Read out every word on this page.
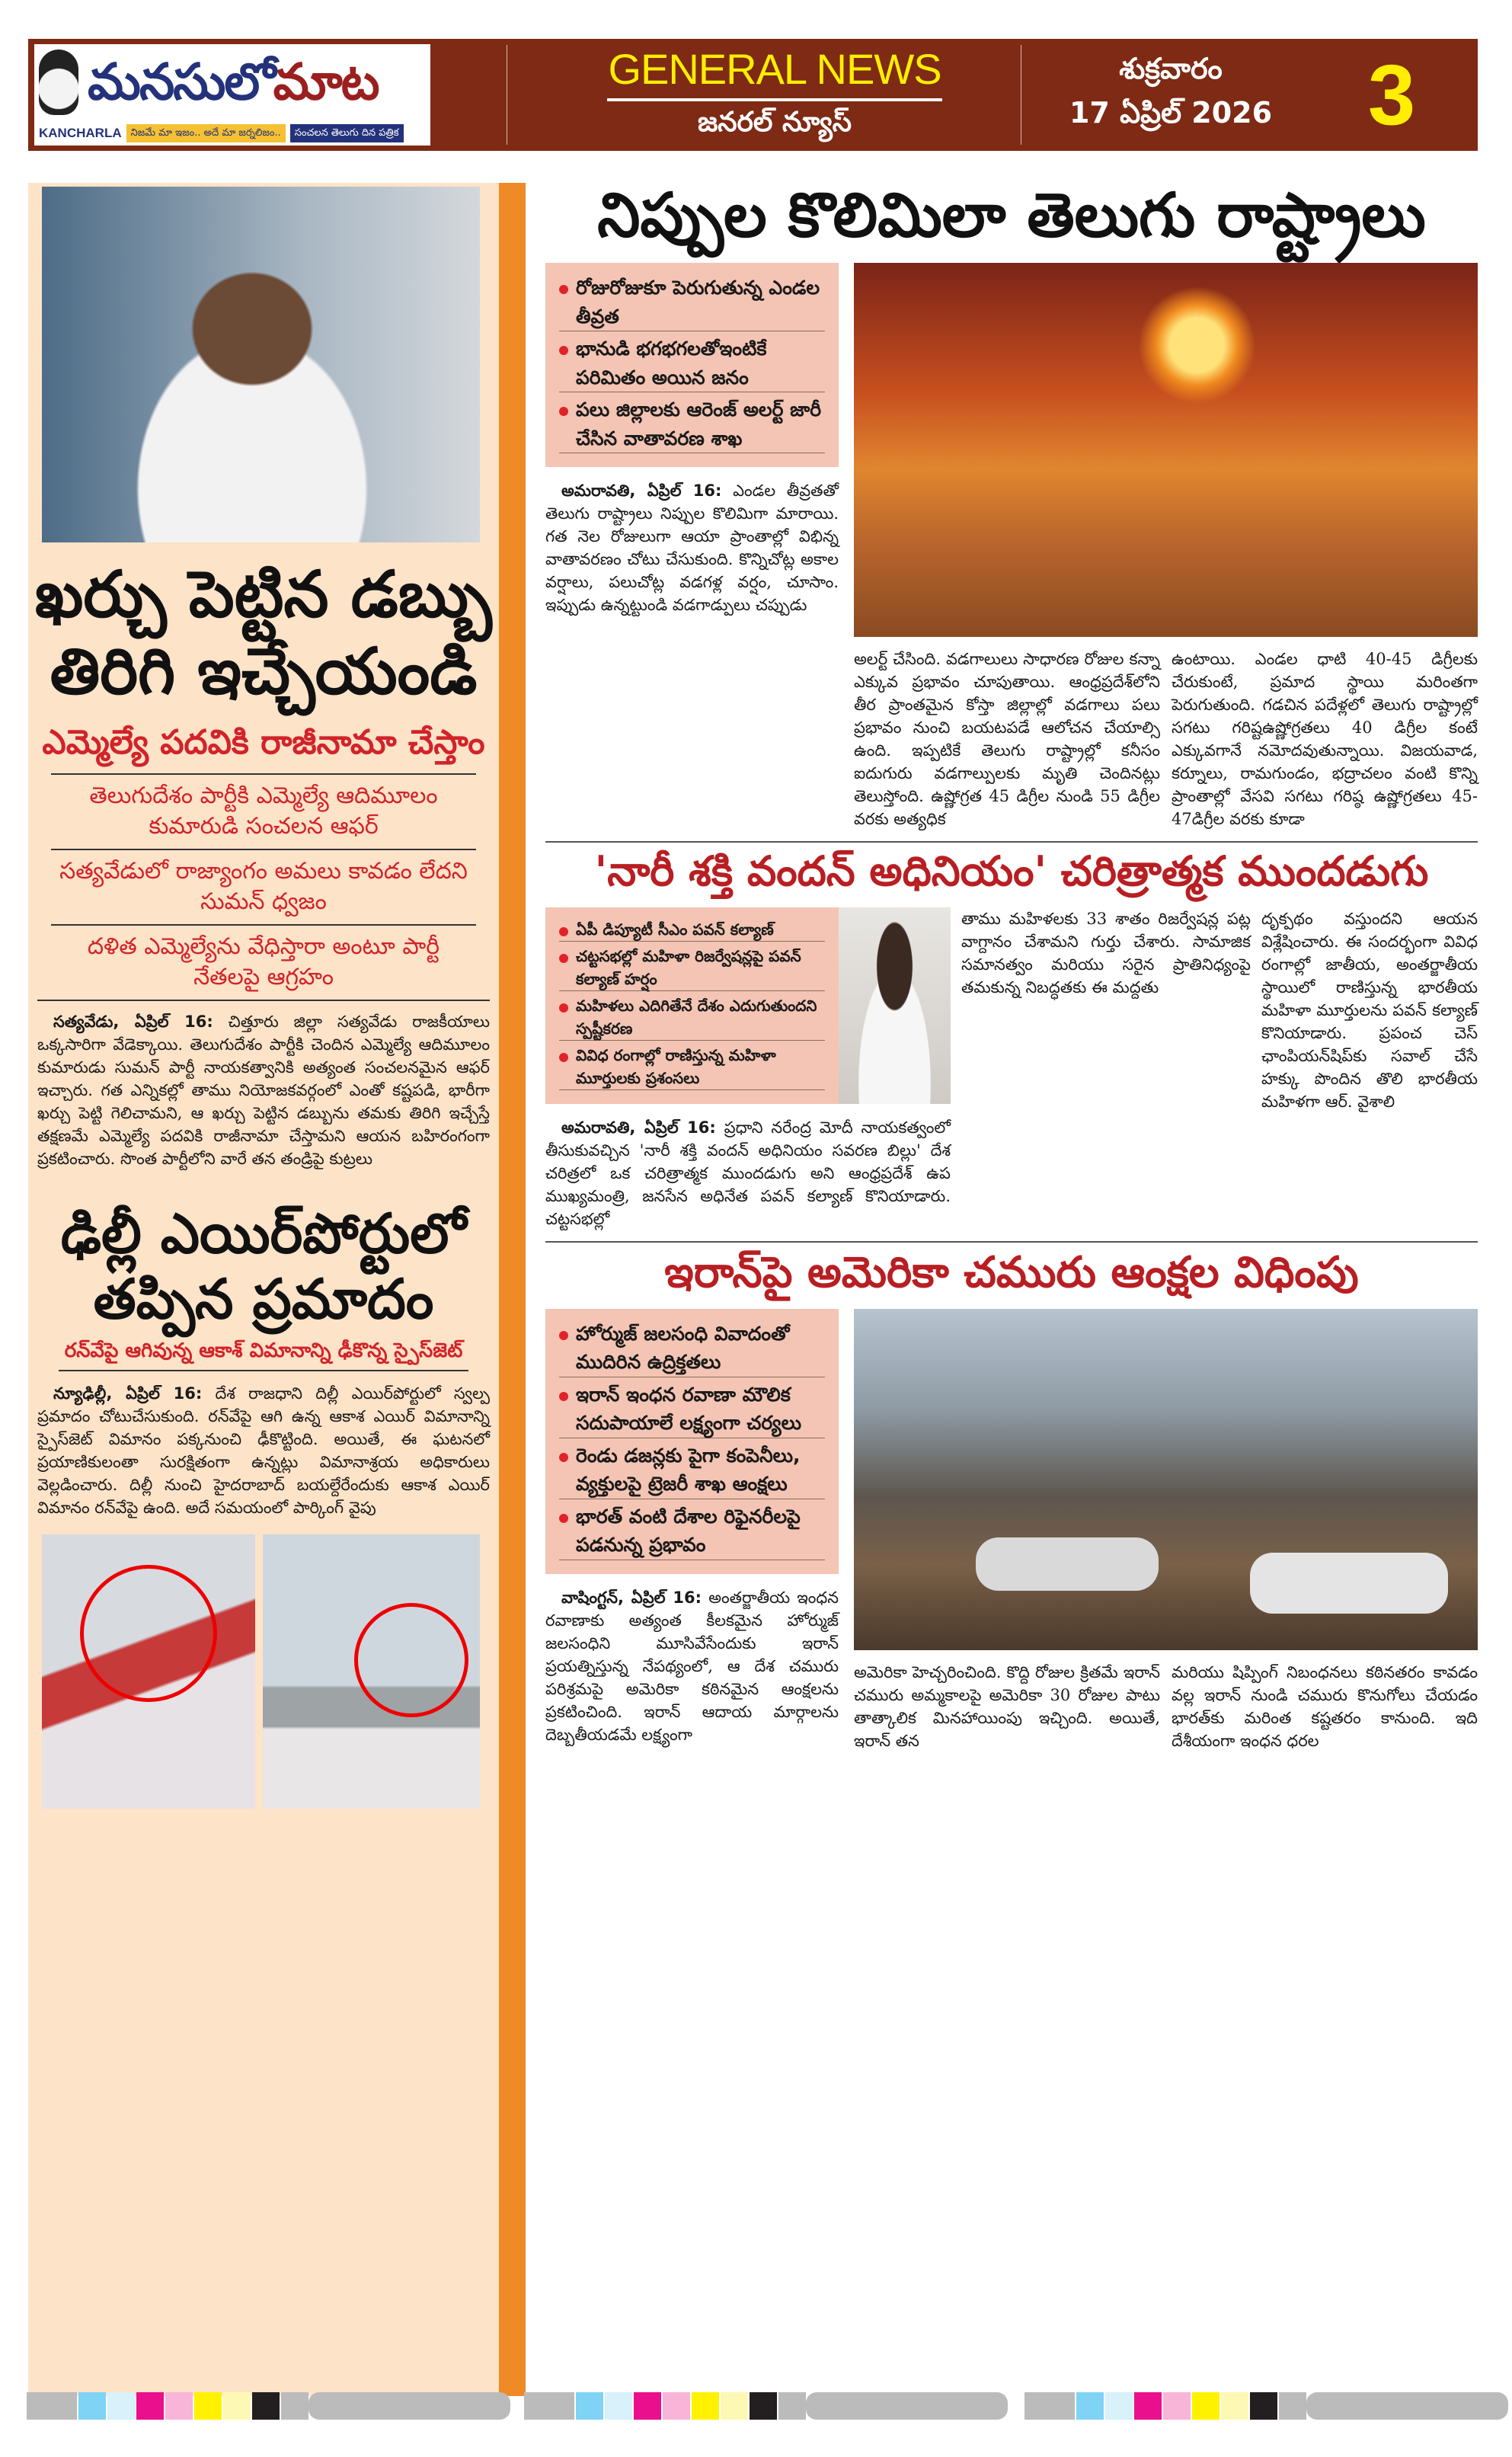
మనసులోమాట
KANCHARLA నిజమే మా ఇజం.. అదే మా జర్నలిజం..	సంచలన తెలుగు దిన పత్రిక
GENERAL NEWS
జనరల్ న్యూస్
శుక్రవారం
17 ఏప్రిల్ 2026	3
ఖర్చు పెట్టిన డబ్బు
తిరిగి ఇచ్చేయండి
ఎమ్మెల్యే పదవికి రాజీనామా చేస్తాం
తెలుగుదేశం పార్టీకి ఎమ్మెల్యే ఆదిమూలం కుమారుడి సంచలన ఆఫర్
సత్యవేడులో రాజ్యాంగం అమలు కావడం లేదని సుమన్ ధ్వజం
దళిత ఎమ్మెల్యేను వేధిస్తారా అంటూ పార్టీ నేతలపై ఆగ్రహం
 సత్యవేడు, ఏప్రిల్ 16: చిత్తూరు జిల్లా సత్యవేడు రాజకీయాలు ఒక్కసారిగా వేడెక్కాయి. తెలుగుదేశం పార్టీకి చెందిన ఎమ్మెల్యే ఆదిమూలం కుమారుడు సుమన్ పార్టీ నాయకత్వానికి అత్యంత సంచలనమైన ఆఫర్ ఇచ్చారు. గత ఎన్నికల్లో తాము నియోజకవర్గంలో ఎంతో కష్టపడి, భారీగా ఖర్చు పెట్టి గెలిచామని, ఆ ఖర్చు పెట్టిన డబ్బును తమకు తిరిగి ఇచ్చేస్తే తక్షణమే ఎమ్మెల్యే పదవికి రాజీనామా చేస్తామని ఆయన బహిరంగంగా ప్రకటించారు. సొంత పార్టీలోని వారే తన తండ్రిపై కుట్రలు
ఢిల్లీ ఎయిర్‌పోర్టులో
తప్పిన ప్రమాదం
రన్‌వేపై ఆగివున్న ఆకాశ్ విమానాన్ని ఢీకొన్న స్పైస్‌జెట్
 న్యూఢిల్లీ, ఏప్రిల్ 16: దేశ రాజధాని దిల్లీ ఎయిర్‌పోర్టులో స్వల్ప ప్రమాదం చోటుచేసుకుంది. రన్‌వేపై ఆగి ఉన్న ఆకాశ ఎయిర్ విమానాన్ని స్పైస్‌జెట్ విమానం పక్కనుంచి ఢీకొట్టింది. అయితే, ఈ ఘటనలో ప్రయాణికులంతా సురక్షితంగా ఉన్నట్లు విమానాశ్రయ అధికారులు వెల్లడించారు. దిల్లీ నుంచి హైదరాబాద్ బయల్దేరేందుకు ఆకాశ ఎయిర్ విమానం రన్‌వేపై ఉంది. అదే సమయంలో పార్కింగ్ వైపు
నిప్పుల కొలిమిలా తెలుగు రాష్ట్రాలు
రోజురోజుకూ పెరుగుతున్న ఎండల తీవ్రత
భానుడి భగభగలతోఇంటికే పరిమితం అయిన జనం
పలు జిల్లాలకు ఆరెంజ్ అలర్ట్ జారీ చేసిన వాతావరణ శాఖ
 అమరావతి, ఏప్రిల్ 16: ఎండల తీవ్రతతో తెలుగు రాష్ట్రాలు నిప్పుల కొలిమిగా మారాయి. గత నెల రోజులుగా ఆయా ప్రాంతాల్లో విభిన్న వాతావరణం చోటు చేసుకుంది. కొన్నిచోట్ల అకాల వర్షాలు, పలుచోట్ల వడగళ్ల వర్షం, చూసాం. ఇప్పుడు ఉన్నట్టుండి వడగాడ్పులు చప్పుడు
అలర్ట్ చేసింది. వడగాలులు సాధారణ రోజుల కన్నా ఎక్కువ ప్రభావం చూపుతాయి. ఆంధ్రప్రదేశ్‌లోని తీర ప్రాంతమైన కోస్తా జిల్లాల్లో వడగాలు పలు ప్రభావం నుంచి బయటపడే ఆలోచన చేయాల్సి ఉంది. ఇప్పటికే తెలుగు రాష్ట్రాల్లో కనీసం ఐదుగురు వడగాల్పులకు మృతి చెందినట్లు తెలుస్తోంది. ఉష్ణోగ్రత 45 డిగ్రీల నుండి 55 డిగ్రీల వరకు అత్యధిక
ఉంటాయి. ఎండల ధాటి 40-45 డిగ్రీలకు చేరుకుంటే, ప్రమాద స్థాయి మరింతగా పెరుగుతుంది. గడచిన పదేళ్లలో తెలుగు రాష్ట్రాల్లో సగటు గరిష్టఉష్ణోగ్రతలు 40 డిగ్రీల కంటే ఎక్కువగానే నమోదవుతున్నాయి. విజయవాడ, కర్నూలు, రామగుండం, భద్రాచలం వంటి కొన్ని ప్రాంతాల్లో వేసవి సగటు గరిష్ఠ ఉష్ణోగ్రతలు 45-47డిగ్రీల వరకు కూడా
'నారీ శక్తి వందన్ అధినియం' చరిత్రాత్మక ముందడుగు
ఏపీ డిప్యూటీ సీఎం పవన్ కల్యాణ్
చట్టసభల్లో మహిళా రిజర్వేషన్లపై పవన్ కల్యాణ్ హర్షం
మహిళలు ఎదిగితేనే దేశం ఎదుగుతుందని స్పష్టీకరణ
వివిధ రంగాల్లో రాణిస్తున్న మహిళా మూర్తులకు ప్రశంసలు
 అమరావతి, ఏప్రిల్ 16: ప్రధాని నరేంద్ర మోదీ నాయకత్వంలో తీసుకువచ్చిన 'నారీ శక్తి వందన్ అధినియం సవరణ బిల్లు' దేశ చరిత్రలో ఒక చరిత్రాత్మక ముందడుగు అని ఆంధ్రప్రదేశ్ ఉప ముఖ్యమంత్రి, జనసేన అధినేత పవన్ కల్యాణ్ కొనియాడారు. చట్టసభల్లో
తాము మహిళలకు 33 శాతం రిజర్వేషన్ల పట్ల వాగ్దానం చేశామని గుర్తు చేశారు. సామాజిక సమానత్వం మరియు సరైన ప్రాతినిధ్యంపై తమకున్న నిబద్ధతకు ఈ మద్దతు
దృక్పథం వస్తుందని ఆయన విశ్లేషించారు. ఈ సందర్భంగా వివిధ రంగాల్లో జాతీయ, అంతర్జాతీయ స్థాయిలో రాణిస్తున్న భారతీయ మహిళా మూర్తులను పవన్ కల్యాణ్ కొనియాడారు. ప్రపంచ చెస్ ఛాంపియన్‌షిప్‌కు సవాల్ చేసే హక్కు పొందిన తొలి భారతీయ మహిళగా ఆర్. వైశాలి
ఇరాన్‌పై అమెరికా చమురు ఆంక్షల విధింపు
హోర్ముజ్ జలసంధి వివాదంతో ముదిరిన ఉద్రిక్తతలు
ఇరాన్ ఇంధన రవాణా మౌలిక సదుపాయాలే లక్ష్యంగా చర్యలు
రెండు డజన్లకు పైగా కంపెనీలు, వ్యక్తులపై ట్రెజరీ శాఖ ఆంక్షలు
భారత్ వంటి దేశాల రిఫైనరీలపై పడనున్న ప్రభావం
 వాషింగ్టన్, ఏప్రిల్ 16: అంతర్జాతీయ ఇంధన రవాణాకు అత్యంత కీలకమైన హోర్ముజ్ జలసంధిని మూసివేసేందుకు ఇరాన్ ప్రయత్నిస్తున్న నేపథ్యంలో, ఆ దేశ చమురు పరిశ్రమపై అమెరికా కఠినమైన ఆంక్షలను ప్రకటించింది. ఇరాన్ ఆదాయ మార్గాలను దెబ్బతీయడమే లక్ష్యంగా
అమెరికా హెచ్చరించింది. కొద్ది రోజుల క్రితమే ఇరాన్ చమురు అమ్మకాలపై అమెరికా 30 రోజుల పాటు తాత్కాలిక మినహాయింపు ఇచ్చింది. అయితే, ఇరాన్ తన
మరియు షిప్పింగ్ నిబంధనలు కఠినతరం కావడం వల్ల ఇరాన్ నుండి చమురు కొనుగోలు చేయడం భారత్‌కు మరింత కష్టతరం కానుంది. ఇది దేశీయంగా ఇంధన ధరల
